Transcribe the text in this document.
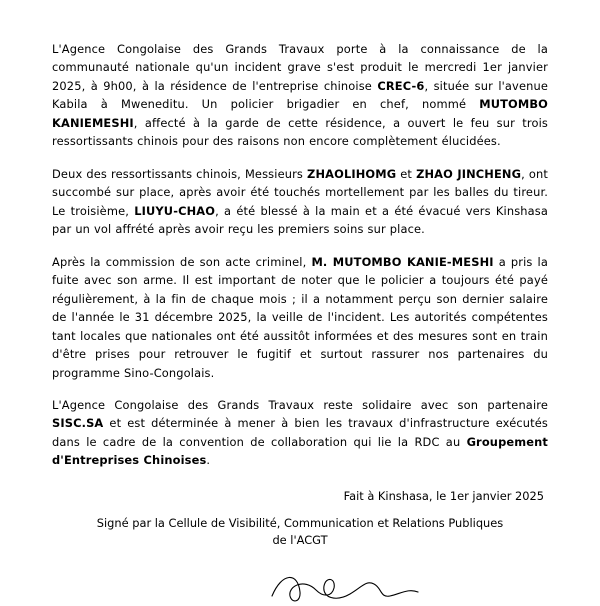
L'Agence Congolaise des Grands Travaux porte à la connaissance de la communauté nationale qu'un incident grave s'est produit le mercredi 1er janvier 2025, à 9h00, à la résidence de l'entreprise chinoise CREC-6, située sur l'avenue Kabila à Mweneditu. Un policier brigadier en chef, nommé MUTOMBO KANIEMESHI, affecté à la garde de cette résidence, a ouvert le feu sur trois ressortissants chinois pour des raisons non encore complètement élucidées.

Deux des ressortissants chinois, Messieurs ZHAOLIHOMG et ZHAO JINCHENG, ont succombé sur place, après avoir été touchés mortellement par les balles du tireur. Le troisième, LIUYU-CHAO, a été blessé à la main et a été évacué vers Kinshasa par un vol affrété après avoir reçu les premiers soins sur place.

Après la commission de son acte criminel, M. MUTOMBO KANIE-MESHI a pris la fuite avec son arme. Il est important de noter que le policier a toujours été payé régulièrement, à la fin de chaque mois ; il a notamment perçu son dernier salaire de l'année le 31 décembre 2025, la veille de l'incident. Les autorités compétentes tant locales que nationales ont été aussitôt informées et des mesures sont en train d'être prises pour retrouver le fugitif et surtout rassurer nos partenaires du programme Sino-Congolais.

L'Agence Congolaise des Grands Travaux reste solidaire avec son partenaire SISC.SA et est déterminée à mener à bien les travaux d'infrastructure exécutés dans le cadre de la convention de collaboration qui lie la RDC au Groupement d'Entreprises Chinoises.

Fait à Kinshasa, le 1er janvier 2025
Signé par la Cellule de Visibilité, Communication et Relations Publiques
de l'ACGT
